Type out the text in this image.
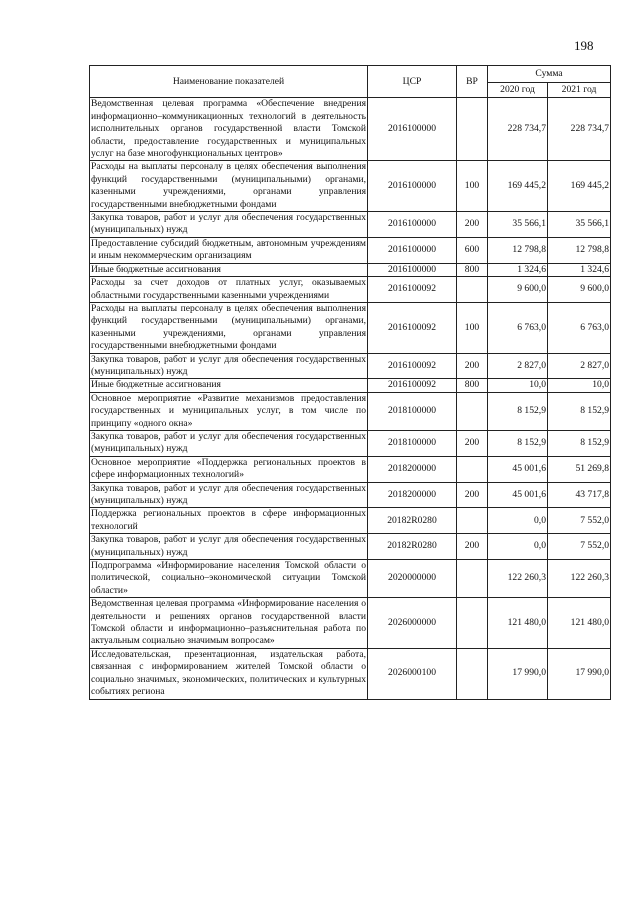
198
Наименование показателей	ЦСР	ВР	Сумма	
			2020 год	2021 год
Ведомственная целевая программа «Обеспечение внедрения информационно–коммуникационных технологий в деятельность исполнительных органов государственной власти Томской области, предоставление государственных и муниципальных услуг на базе многофункциональных центров»	2016100000		228 734,7	228 734,7
Расходы на выплаты персоналу в целях обеспечения выполнения функций государственными (муниципальными) органами, казенными учреждениями, органами управления государственными внебюджетными фондами	2016100000	100	169 445,2	169 445,2
Закупка товаров, работ и услуг для обеспечения государственных (муниципальных) нужд	2016100000	200	35 566,1	35 566,1
Предоставление субсидий бюджетным, автономным учреждениям и иным некоммерческим организациям	2016100000	600	12 798,8	12 798,8
Иные бюджетные ассигнования	2016100000	800	1 324,6	1 324,6
Расходы за счет доходов от платных услуг, оказываемых областными государственными казенными учреждениями	2016100092		9 600,0	9 600,0
Расходы на выплаты персоналу в целях обеспечения выполнения функций государственными (муниципальными) органами, казенными учреждениями, органами управления государственными внебюджетными фондами	2016100092	100	6 763,0	6 763,0
Закупка товаров, работ и услуг для обеспечения государственных (муниципальных) нужд	2016100092	200	2 827,0	2 827,0
Иные бюджетные ассигнования	2016100092	800	10,0	10,0
Основное мероприятие «Развитие механизмов предоставления государственных и муниципальных услуг, в том числе по принципу «одного окна»	2018100000		8 152,9	8 152,9
Закупка товаров, работ и услуг для обеспечения государственных (муниципальных) нужд	2018100000	200	8 152,9	8 152,9
Основное мероприятие «Поддержка региональных проектов в сфере информационных технологий»	2018200000		45 001,6	51 269,8
Закупка товаров, работ и услуг для обеспечения государственных (муниципальных) нужд	2018200000	200	45 001,6	43 717,8
Поддержка региональных проектов в сфере информационных технологий	20182R0280		0,0	7 552,0
Закупка товаров, работ и услуг для обеспечения государственных (муниципальных) нужд	20182R0280	200	0,0	7 552,0
Подпрограмма «Информирование населения Томской области о политической, социально–экономической ситуации Томской области»	2020000000		122 260,3	122 260,3
Ведомственная целевая программа «Информирование населения о деятельности и решениях органов государственной власти Томской области и информационно–разъяснительная работа по актуальным социально значимым вопросам»	2026000000		121 480,0	121 480,0
Исследовательская, презентационная, издательская работа, связанная с информированием жителей Томской области о социально значимых, экономических, политических и культурных событиях региона	2026000100		17 990,0	17 990,0
